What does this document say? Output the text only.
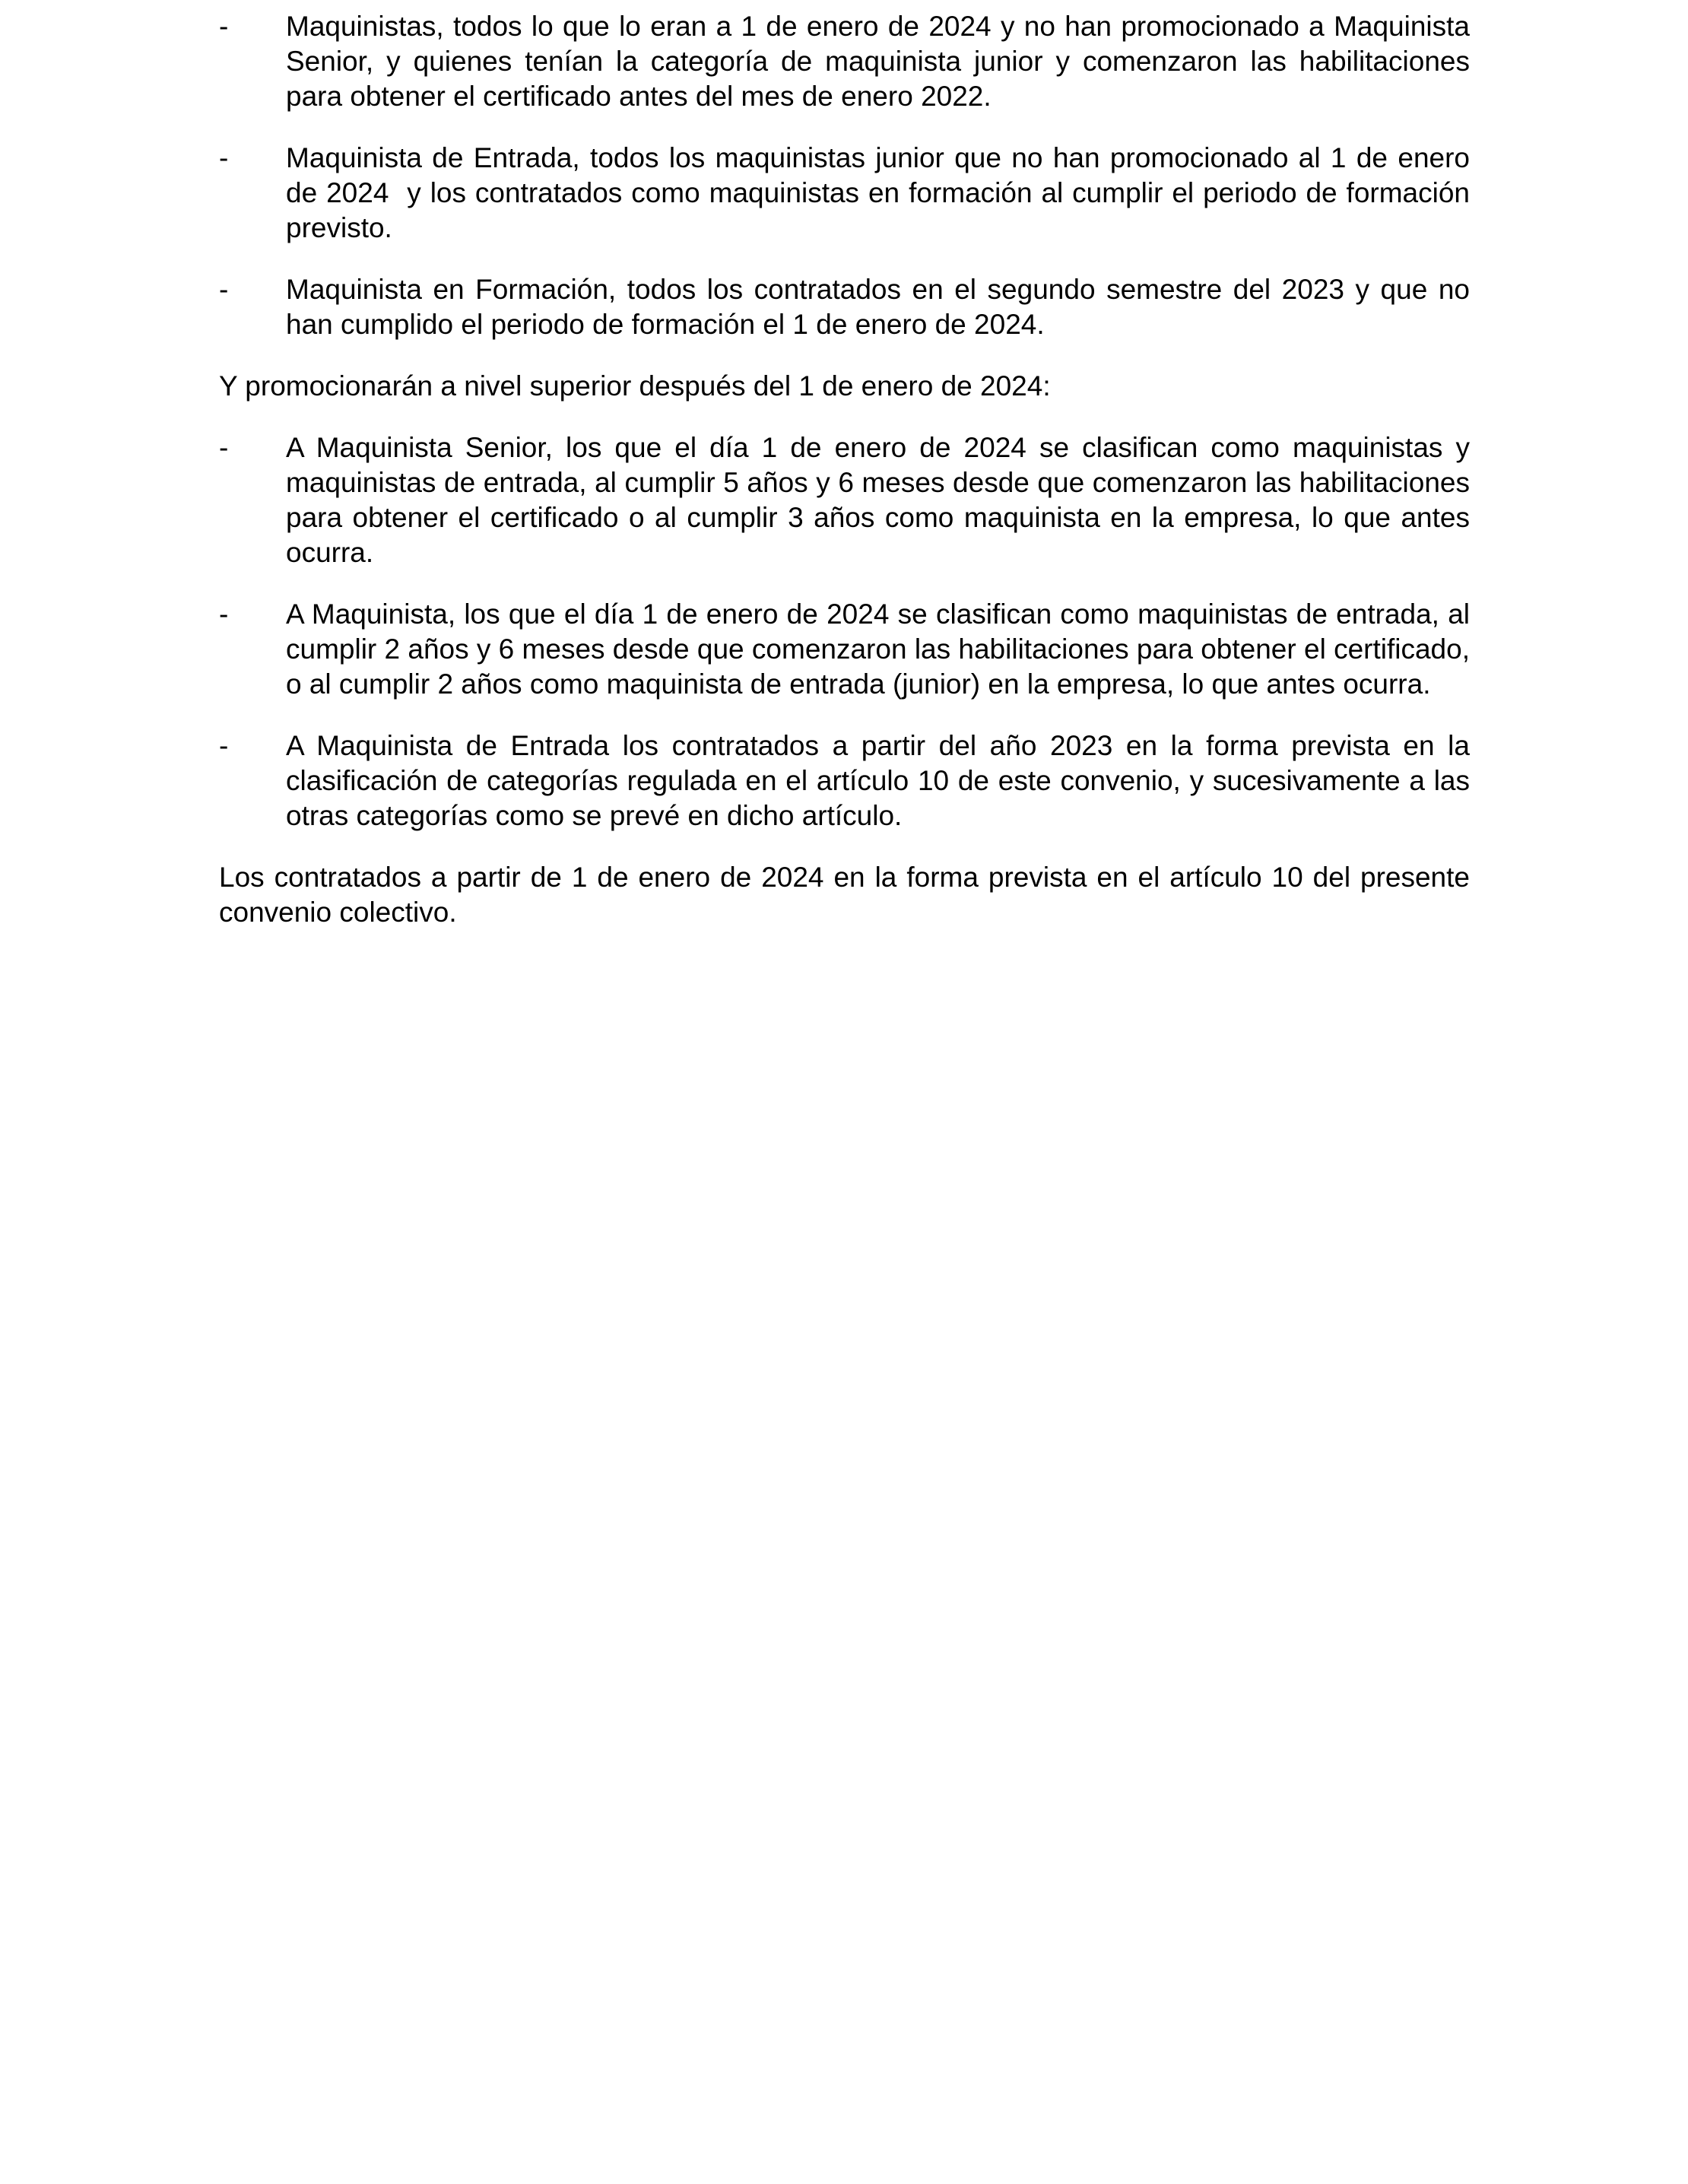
- Maquinistas, todos lo que lo eran a 1 de enero de 2024 y no han promocionado a Maquinista Senior, y quienes tenían la categoría de maquinista junior y comenzaron las habilitaciones para obtener el certificado antes del mes de enero 2022.
- Maquinista de Entrada, todos los maquinistas junior que no han promocionado al 1 de enero de 2024  y los contratados como maquinistas en formación al cumplir el periodo de formación previsto.
- Maquinista en Formación, todos los contratados en el segundo semestre del 2023 y que no han cumplido el periodo de formación el 1 de enero de 2024.

Y promocionarán a nivel superior después del 1 de enero de 2024:

- A Maquinista Senior, los que el día 1 de enero de 2024 se clasifican como maquinistas y maquinistas de entrada, al cumplir 5 años y 6 meses desde que comenzaron las habilitaciones para obtener el certificado o al cumplir 3 años como maquinista en la empresa, lo que antes ocurra.
- A Maquinista, los que el día 1 de enero de 2024 se clasifican como maquinistas de entrada, al cumplir 2 años y 6 meses desde que comenzaron las habilitaciones para obtener el certificado, o al cumplir 2 años como maquinista de entrada (junior) en la empresa, lo que antes ocurra.
- A Maquinista de Entrada los contratados a partir del año 2023 en la forma prevista en la clasificación de categorías regulada en el artículo 10 de este convenio, y sucesivamente a las otras categorías como se prevé en dicho artículo.

Los contratados a partir de 1 de enero de 2024 en la forma prevista en el artículo 10 del presente convenio colectivo.
